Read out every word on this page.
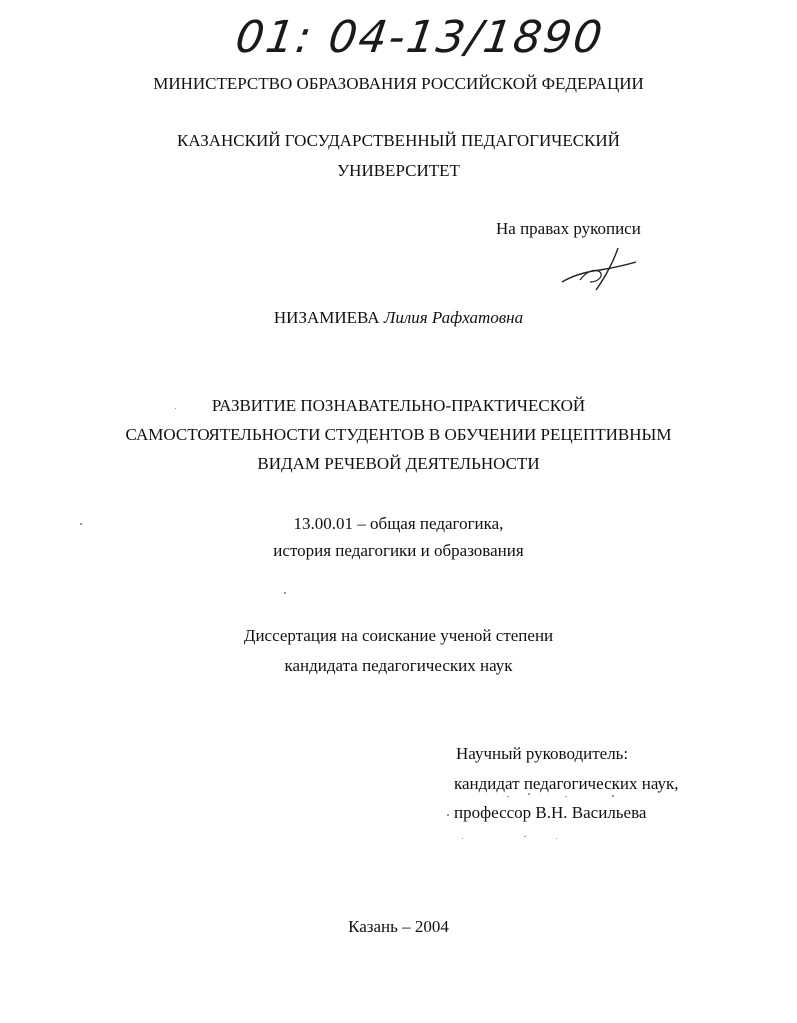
01: 04-13/1890
МИНИСТЕРСТВО ОБРАЗОВАНИЯ РОССИЙСКОЙ ФЕДЕРАЦИИ
КАЗАНСКИЙ ГОСУДАРСТВЕННЫЙ ПЕДАГОГИЧЕСКИЙ
УНИВЕРСИТЕТ
На правах рукописи
НИЗАМИЕВА Лилия Рафхатовна
РАЗВИТИЕ ПОЗНАВАТЕЛЬНО-ПРАКТИЧЕСКОЙ
САМОСТОЯТЕЛЬНОСТИ СТУДЕНТОВ В ОБУЧЕНИИ РЕЦЕПТИВНЫМ
ВИДАМ РЕЧЕВОЙ ДЕЯТЕЛЬНОСТИ
13.00.01 – общая педагогика,
история педагогики и образования
Диссертация на соискание ученой степени
кандидата педагогических наук
Научный руководитель:
кандидат педагогических наук,
профессор В.Н. Васильева
Казань – 2004
